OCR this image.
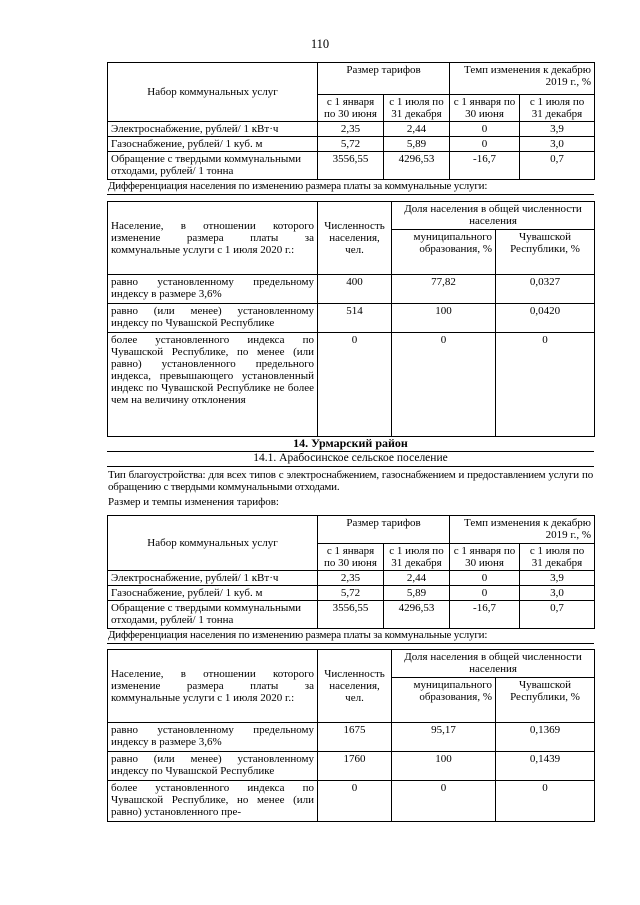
110
Набор коммунальных услуг	Размер тарифов		Темп изменения к декабрю 2019 г., %	
	с 1 января по 30 июня	с 1 июля по 31 декабря	с 1 января по 30 июня	с 1 июля по 31 декабря
Электроснабжение, рублей/ 1 кВт·ч	2,35	2,44	0	3,9
Газоснабжение, рублей/ 1 куб. м	5,72	5,89	0	3,0
Обращение с твердыми коммунальными отходами, рублей/ 1 тонна	3556,55	4296,53	-16,7	0,7
Дифференциация населения по изменению размера платы за коммунальные услуги:
Население, в отношении которого изменение размера платы за коммунальные услуги с 1 июля 2020 г.:	Численность населения, чел.	Доля населения в общей численности населения	
		муниципального образования, %	Чувашской Республики, %
равно установленному предельному индексу в размере 3,6%	400	77,82	0,0327
равно (или менее) установленному индексу по Чувашской Республике	514	100	0,0420
более установленного индекса по Чувашской Республике, по менее (или равно) установленного предельного индекса, превышающего установленный индекс по Чувашской Республике не более чем на величину отклонения	0	0	0
14. Урмарский район
14.1. Арабосинское сельское поселение
Тип благоустройства: для всех типов с электроснабжением, газоснабжением и предоставлением услуги по обращению с твердыми коммунальными отходами.
Размер и темпы изменения тарифов:
Набор коммунальных услуг	Размер тарифов		Темп изменения к декабрю 2019 г., %	
	с 1 января по 30 июня	с 1 июля по 31 декабря	с 1 января по 30 июня	с 1 июля по 31 декабря
Электроснабжение, рублей/ 1 кВт·ч	2,35	2,44	0	3,9
Газоснабжение, рублей/ 1 куб. м	5,72	5,89	0	3,0
Обращение с твердыми коммунальными отходами, рублей/ 1 тонна	3556,55	4296,53	-16,7	0,7
Дифференциация населения по изменению размера платы за коммунальные услуги:
Население, в отношении которого изменение размера платы за коммунальные услуги с 1 июля 2020 г.:	Численность населения, чел.	Доля населения в общей численности населения	
		муниципального образования, %	Чувашской Республики, %
равно установленному предельному индексу в размере 3,6%	1675	95,17	0,1369
равно (или менее) установленному индексу по Чувашской Республике	1760	100	0,1439
более установленного индекса по Чувашской Республике, но менее (или равно) установленного пре-	0	0	0
